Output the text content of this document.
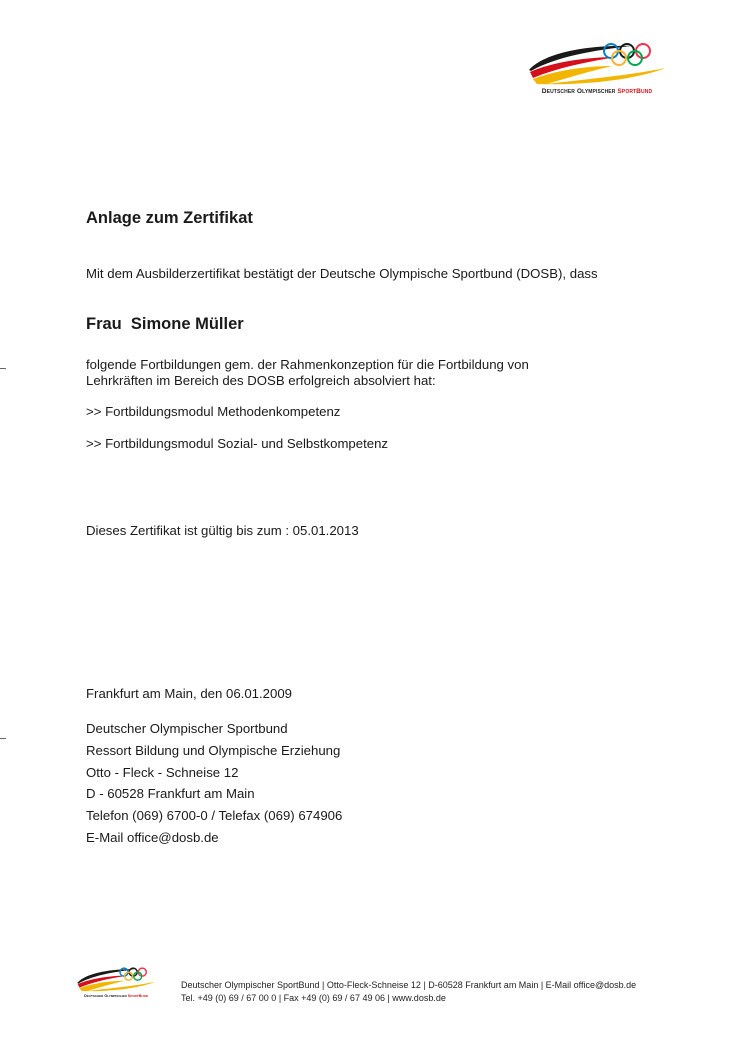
Deutscher Olympischer SportBund
Anlage zum Zertifikat
Mit dem Ausbilderzertifikat bestätigt der Deutsche Olympische Sportbund (DOSB), dass
Frau  Simone Müller
folgende Fortbildungen gem. der Rahmenkonzeption für die Fortbildung von
Lehrkräften im Bereich des DOSB erfolgreich absolviert hat:
>> Fortbildungsmodul Methodenkompetenz
>> Fortbildungsmodul Sozial- und Selbstkompetenz
Dieses Zertifikat ist gültig bis zum : 05.01.2013
Frankfurt am Main, den 06.01.2009
Deutscher Olympischer Sportbund
Ressort Bildung und Olympische Erziehung
Otto - Fleck - Schneise 12
D - 60528 Frankfurt am Main
Telefon (069) 6700-0 / Telefax (069) 674906
E-Mail office@dosb.de
Deutscher Olympischer SportBund
Deutscher Olympischer SportBund | Otto-Fleck-Schneise 12 | D-60528 Frankfurt am Main | E-Mail office@dosb.de
Tel. +49 (0) 69 / 67 00 0 | Fax +49 (0) 69 / 67 49 06 | www.dosb.de
